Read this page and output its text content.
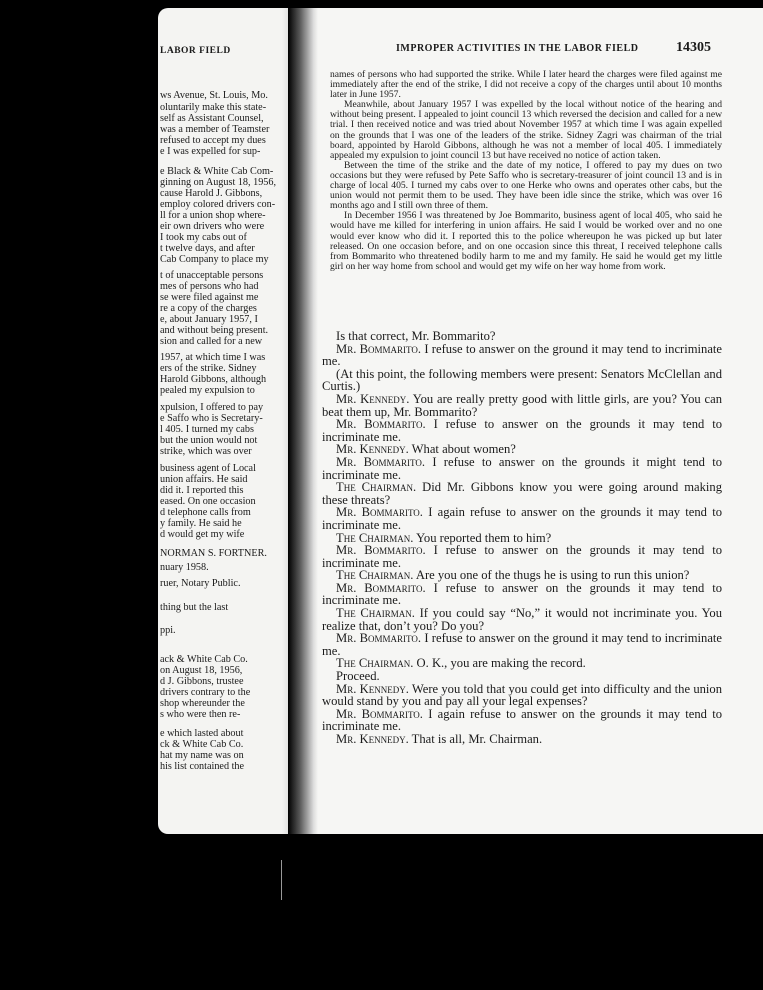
LABOR FIELD
ws Avenue, St. Louis, Mo.
oluntarily make this state-
self as Assistant Counsel,
was a member of Teamster
refused to accept my dues
e I was expelled for sup-
e Black & White Cab Com-
ginning on August 18, 1956,
cause Harold J. Gibbons,
employ colored drivers con-
ll for a union shop where-
eir own drivers who were
I took my cabs out of
t twelve days, and after
Cab Company to place my
t of unacceptable persons
mes of persons who had
se were filed against me
re a copy of the charges
e, about January 1957, I
and without being present.
sion and called for a new
1957, at which time I was
ers of the strike. Sidney
Harold Gibbons, although
pealed my expulsion to
xpulsion, I offered to pay
e Saffo who is Secretary-
l 405. I turned my cabs
but the union would not
strike, which was over
business agent of Local
union affairs. He said
did it. I reported this
eased. On one occasion
d telephone calls from
y family. He said he
d would get my wife
NORMAN S. FORTNER.
nuary 1958.
ruer, Notary Public.
thing but the last
ppi.
ack & White Cab Co.
on August 18, 1956,
d J. Gibbons, trustee
drivers contrary to the
shop whereunder the
s who were then re-
e which lasted about
ck & White Cab Co.
hat my name was on
his list contained the
IMPROPER ACTIVITIES IN THE LABOR FIELD	14305

names of persons who had supported the strike. While I later heard the charges were filed against me immediately after the end of the strike, I did not receive a copy of the charges until about 10 months later in June 1957.

Meanwhile, about January 1957 I was expelled by the local without notice of the hearing and without being present. I appealed to joint council 13 which reversed the decision and called for a new trial. I then received notice and was tried about November 1957 at which time I was again expelled on the grounds that I was one of the leaders of the strike. Sidney Zagri was chairman of the trial board, appointed by Harold Gibbons, although he was not a member of local 405. I immediately appealed my expulsion to joint council 13 but have received no notice of action taken.

Between the time of the strike and the date of my notice, I offered to pay my dues on two occasions but they were refused by Pete Saffo who is secretary-treasurer of joint council 13 and is in charge of local 405. I turned my cabs over to one Herke who owns and operates other cabs, but the union would not permit them to be used. They have been idle since the strike, which was over 16 months ago and I still own three of them.

In December 1956 I was threatened by Joe Bommarito, business agent of local 405, who said he would have me killed for interfering in union affairs. He said I would be worked over and no one would ever know who did it. I reported this to the police whereupon he was picked up but later released. On one occasion before, and on one occasion since this threat, I received telephone calls from Bommarito who threatened bodily harm to me and my family. He said he would get my little girl on her way home from school and would get my wife on her way home from work.

Is that correct, Mr. Bommarito?

Mr. Bommarito. I refuse to answer on the ground it may tend to incriminate me.

(At this point, the following members were present: Senators McClellan and Curtis.)

Mr. Kennedy. You are really pretty good with little girls, are you? You can beat them up, Mr. Bommarito?

Mr. Bommarito. I refuse to answer on the grounds it may tend to incriminate me.

Mr. Kennedy. What about women?

Mr. Bommarito. I refuse to answer on the grounds it might tend to incriminate me.

The Chairman. Did Mr. Gibbons know you were going around making these threats?

Mr. Bommarito. I again refuse to answer on the grounds it may tend to incriminate me.

The Chairman. You reported them to him?

Mr. Bommarito. I refuse to answer on the grounds it may tend to incriminate me.

The Chairman. Are you one of the thugs he is using to run this union?

Mr. Bommarito. I refuse to answer on the grounds it may tend to incriminate me.

The Chairman. If you could say “No,” it would not incriminate you. You realize that, don’t you? Do you?

Mr. Bommarito. I refuse to answer on the ground it may tend to incriminate me.

The Chairman. O. K., you are making the record.

Proceed.

Mr. Kennedy. Were you told that you could get into difficulty and the union would stand by you and pay all your legal expenses?

Mr. Bommarito. I again refuse to answer on the grounds it may tend to incriminate me.

Mr. Kennedy. That is all, Mr. Chairman.
